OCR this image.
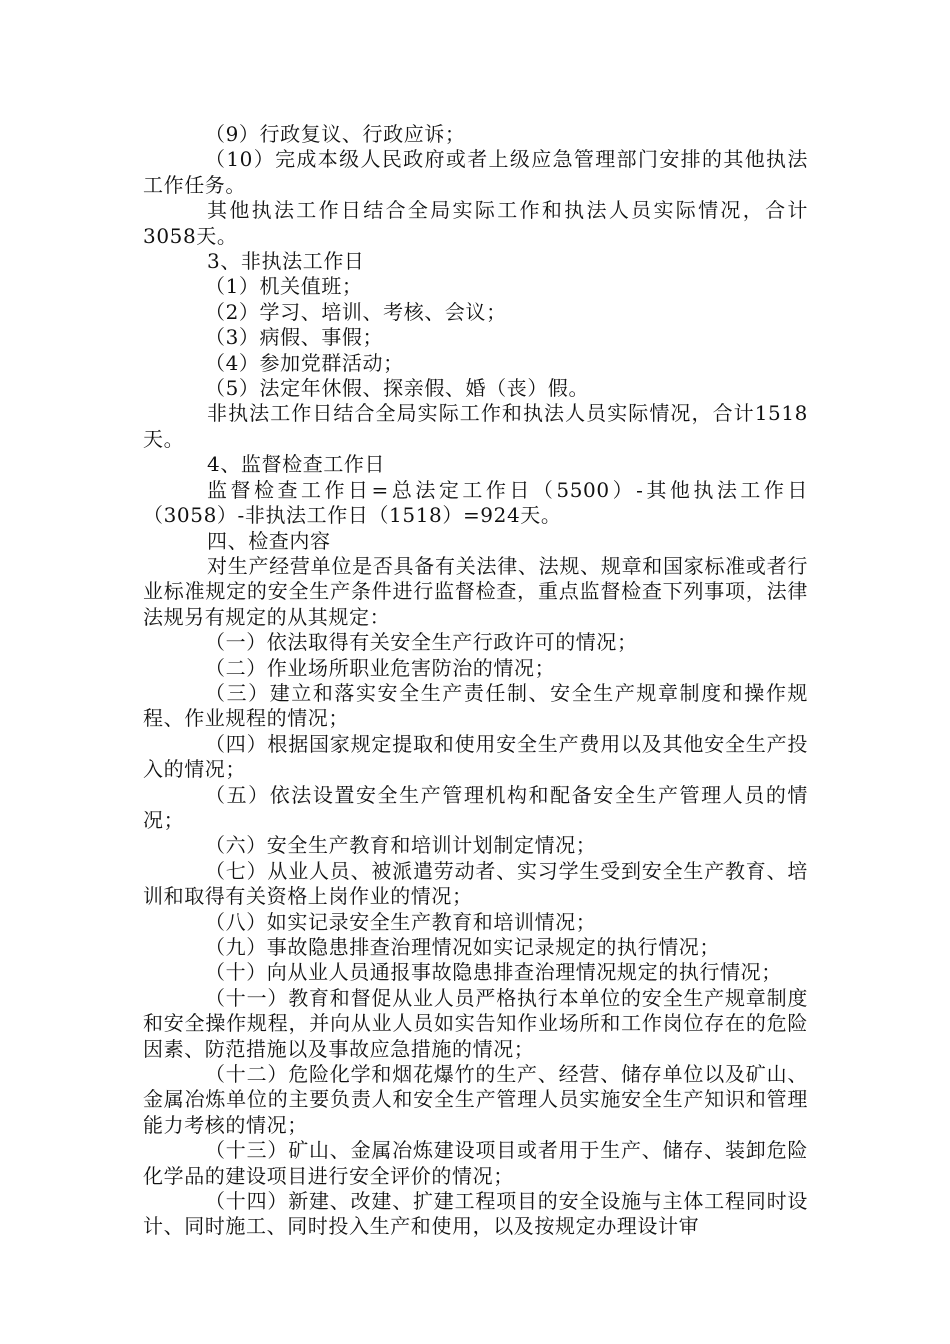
（9）行政复议、行政应诉；

（10）完成本级人民政府或者上级应急管理部门安排的其他执法工作任务。

其他执法工作日结合全局实际工作和执法人员实际情况，合计3058天。

3、非执法工作日

（1）机关值班；

（2）学习、培训、考核、会议；

（3）病假、事假；

（4）参加党群活动；

（5）法定年休假、探亲假、婚（丧）假。

非执法工作日结合全局实际工作和执法人员实际情况，合计1518天。

4、监督检查工作日

监督检查工作日=总法定工作日（5500）-其他执法工作日（3058）-非执法工作日（1518）=924天。

四、检查内容

对生产经营单位是否具备有关法律、法规、规章和国家标准或者行业标准规定的安全生产条件进行监督检查，重点监督检查下列事项，法律法规另有规定的从其规定：

（一）依法取得有关安全生产行政许可的情况；

（二）作业场所职业危害防治的情况；

（三）建立和落实安全生产责任制、安全生产规章制度和操作规程、作业规程的情况；

（四）根据国家规定提取和使用安全生产费用以及其他安全生产投入的情况；

（五）依法设置安全生产管理机构和配备安全生产管理人员的情况；

（六）安全生产教育和培训计划制定情况；

（七）从业人员、被派遣劳动者、实习学生受到安全生产教育、培训和取得有关资格上岗作业的情况；

（八）如实记录安全生产教育和培训情况；

（九）事故隐患排查治理情况如实记录规定的执行情况；

（十）向从业人员通报事故隐患排查治理情况规定的执行情况；

（十一）教育和督促从业人员严格执行本单位的安全生产规章制度和安全操作规程，并向从业人员如实告知作业场所和工作岗位存在的危险因素、防范措施以及事故应急措施的情况；

（十二）危险化学和烟花爆竹的生产、经营、储存单位以及矿山、金属冶炼单位的主要负责人和安全生产管理人员实施安全生产知识和管理能力考核的情况；

（十三）矿山、金属冶炼建设项目或者用于生产、储存、装卸危险化学品的建设项目进行安全评价的情况；

（十四）新建、改建、扩建工程项目的安全设施与主体工程同时设计、同时施工、同时投入生产和使用，以及按规定办理设计审
